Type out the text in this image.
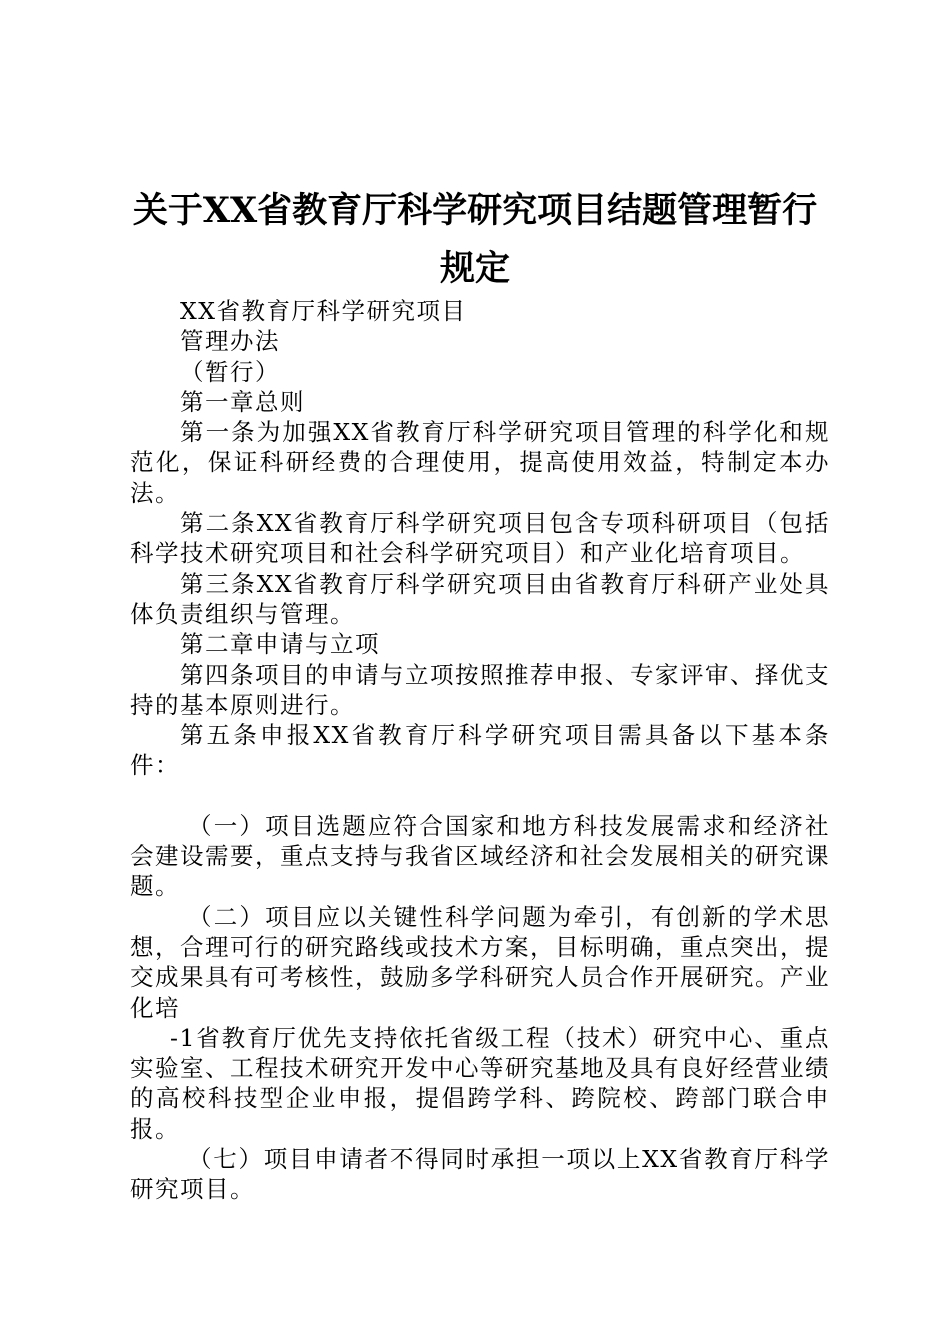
关于XX省教育厅科学研究项目结题管理暂行
规定

XX省教育厅科学研究项目

管理办法

（暂行）

第一章总则

第一条为加强XX省教育厅科学研究项目管理的科学化和规范化，保证科研经费的合理使用，提高使用效益，特制定本办法。

第二条XX省教育厅科学研究项目包含专项科研项目（包括科学技术研究项目和社会科学研究项目）和产业化培育项目。

第三条XX省教育厅科学研究项目由省教育厅科研产业处具体负责组织与管理。

第二章申请与立项

第四条项目的申请与立项按照推荐申报、专家评审、择优支持的基本原则进行。

第五条申报XX省教育厅科学研究项目需具备以下基本条件：

（一）项目选题应符合国家和地方科技发展需求和经济社会建设需要，重点支持与我省区域经济和社会发展相关的研究课题。

（二）项目应以关键性科学问题为牵引，有创新的学术思想，合理可行的研究路线或技术方案，目标明确，重点突出，提交成果具有可考核性，鼓励多学科研究人员合作开展研究。产业化培

-1省教育厅优先支持依托省级工程（技术）研究中心、重点实验室、工程技术研究开发中心等研究基地及具有良好经营业绩的高校科技型企业申报，提倡跨学科、跨院校、跨部门联合申报。

（七）项目申请者不得同时承担一项以上XX省教育厅科学研究项目。
